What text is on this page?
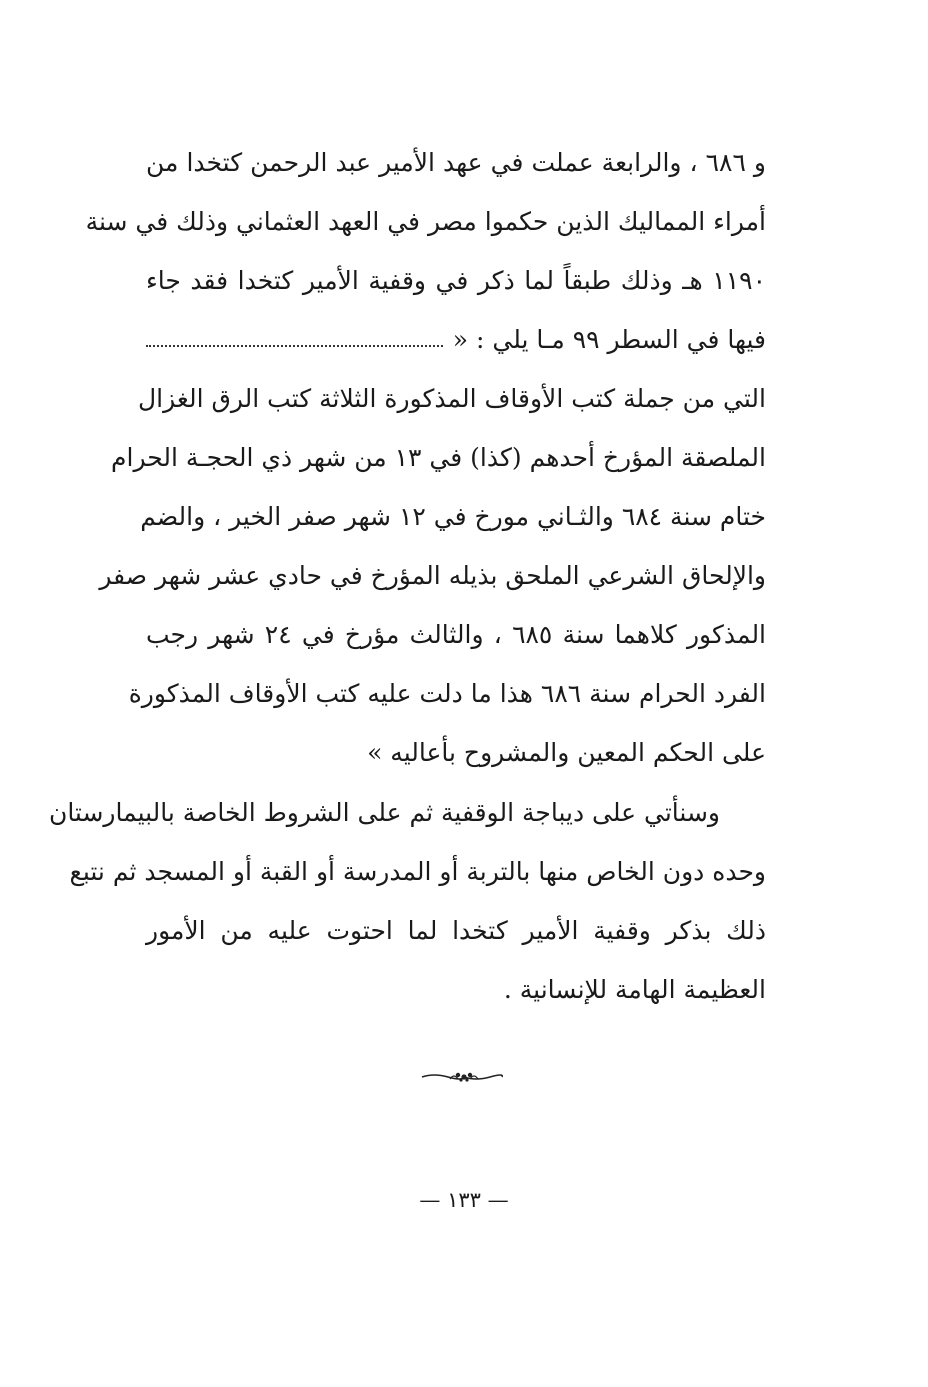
و ٦٨٦ ، والرابعة عملت في عهد الأمير عبد الرحمن كتخدا من
أمراء المماليك الذين حكموا مصر في العهد العثماني وذلك في سنة
١١٩٠ هـ وذلك طبقاً لما ذكر في وقفية الأمير كتخدا فقد جاء
فيها في السطر ٩٩ مـا يلي : «
التي من جملة كتب الأوقاف المذكورة الثلاثة كتب الرق الغزال
الملصقة المؤرخ أحدهم (كذا) في ١٣ من شهر ذي الحجـة الحرام
ختام سنة ٦٨٤ والثـاني مورخ في ١٢ شهر صفر الخير ، والضم
والإلحاق الشرعي الملحق بذيله المؤرخ في حادي عشر شهر صفر
المذكور كلاهما سنة ٦٨٥ ، والثالث مؤرخ في ٢٤ شهر رجب
الفرد الحرام سنة ٦٨٦ هذا ما دلت عليه كتب الأوقاف المذكورة
على الحكم المعين والمشروح بأعاليه »
وسنأتي على ديباجة الوقفية ثم على الشروط الخاصة بالبيمارستان
وحده دون الخاص منها بالتربة أو المدرسة أو القبة أو المسجد ثم نتبع
ذلك بذكر وقفية الأمير كتخدا لما احتوت عليه من الأمور
العظيمة الهامة للإنسانية .
— ١٣٣ —
